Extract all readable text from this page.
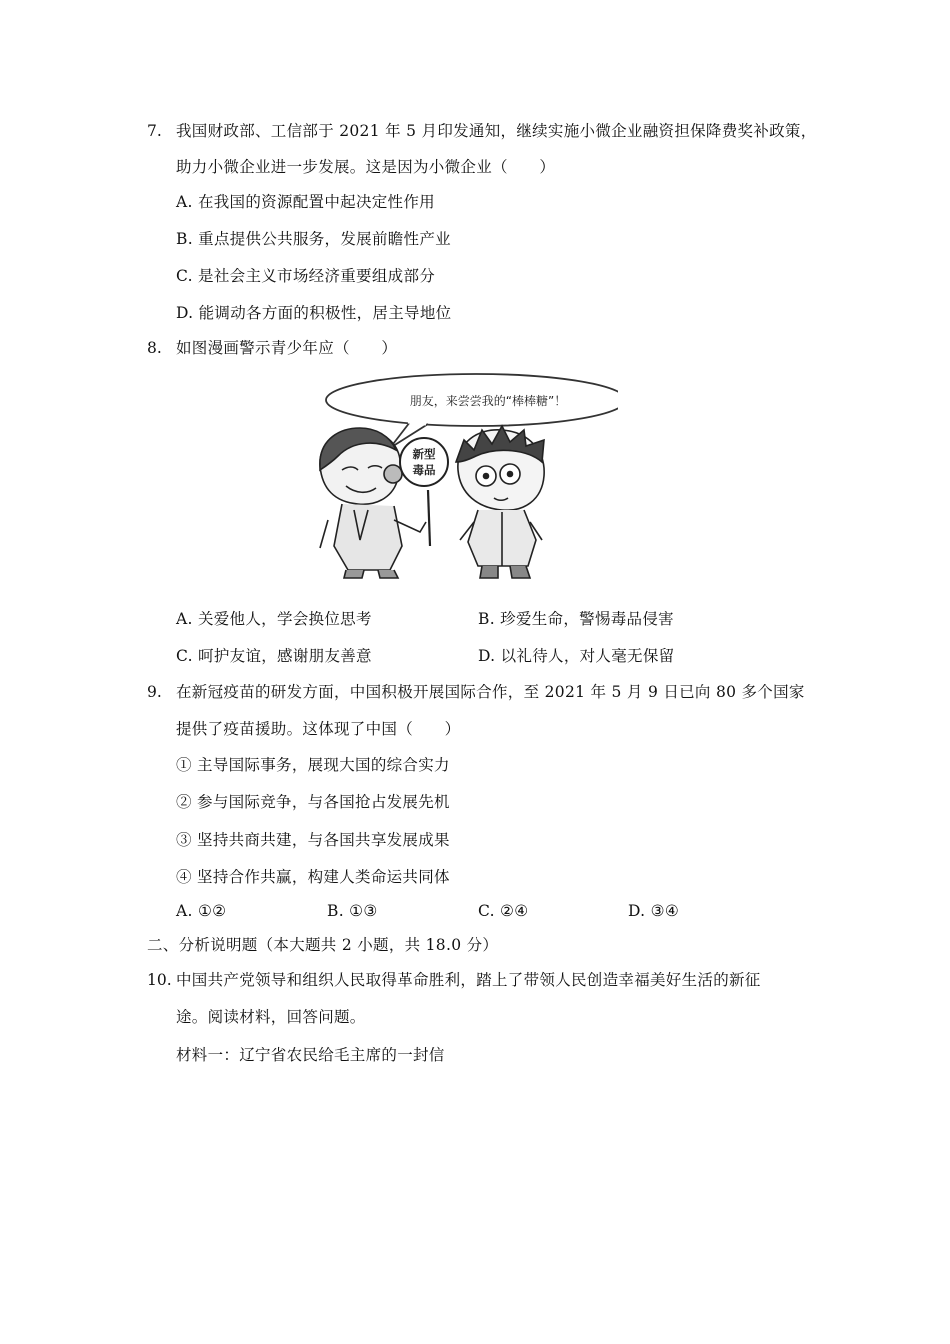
7. 我国财政部、工信部于 2021 年 5 月印发通知，继续实施小微企业融资担保降费奖补政策，
助力小微企业进一步发展。这是因为小微企业（　　）
A. 在我国的资源配置中起决定性作用
B. 重点提供公共服务，发展前瞻性产业
C. 是社会主义市场经济重要组成部分
D. 能调动各方面的积极性，居主导地位
8. 如图漫画警示青少年应（　　）
朋友，来尝尝我的“棒棒糖”！
新型
毒品
A. 关爱他人，学会换位思考	B. 珍爱生命，警惕毒品侵害
C. 呵护友谊，感谢朋友善意	D. 以礼待人，对人毫无保留
9. 在新冠疫苗的研发方面，中国积极开展国际合作，至 2021 年 5 月 9 日已向 80 多个国家
提供了疫苗援助。这体现了中国（　　）
① 主导国际事务，展现大国的综合实力
② 参与国际竞争，与各国抢占发展先机
③ 坚持共商共建，与各国共享发展成果
④ 坚持合作共赢，构建人类命运共同体
A. ①②	B. ①③	C. ②④	D. ③④
二、分析说明题（本大题共 2 小题，共 18.0 分）
10. 中国共产党领导和组织人民取得革命胜利，踏上了带领人民创造幸福美好生活的新征
途。阅读材料，回答问题。
材料一：辽宁省农民给毛主席的一封信
